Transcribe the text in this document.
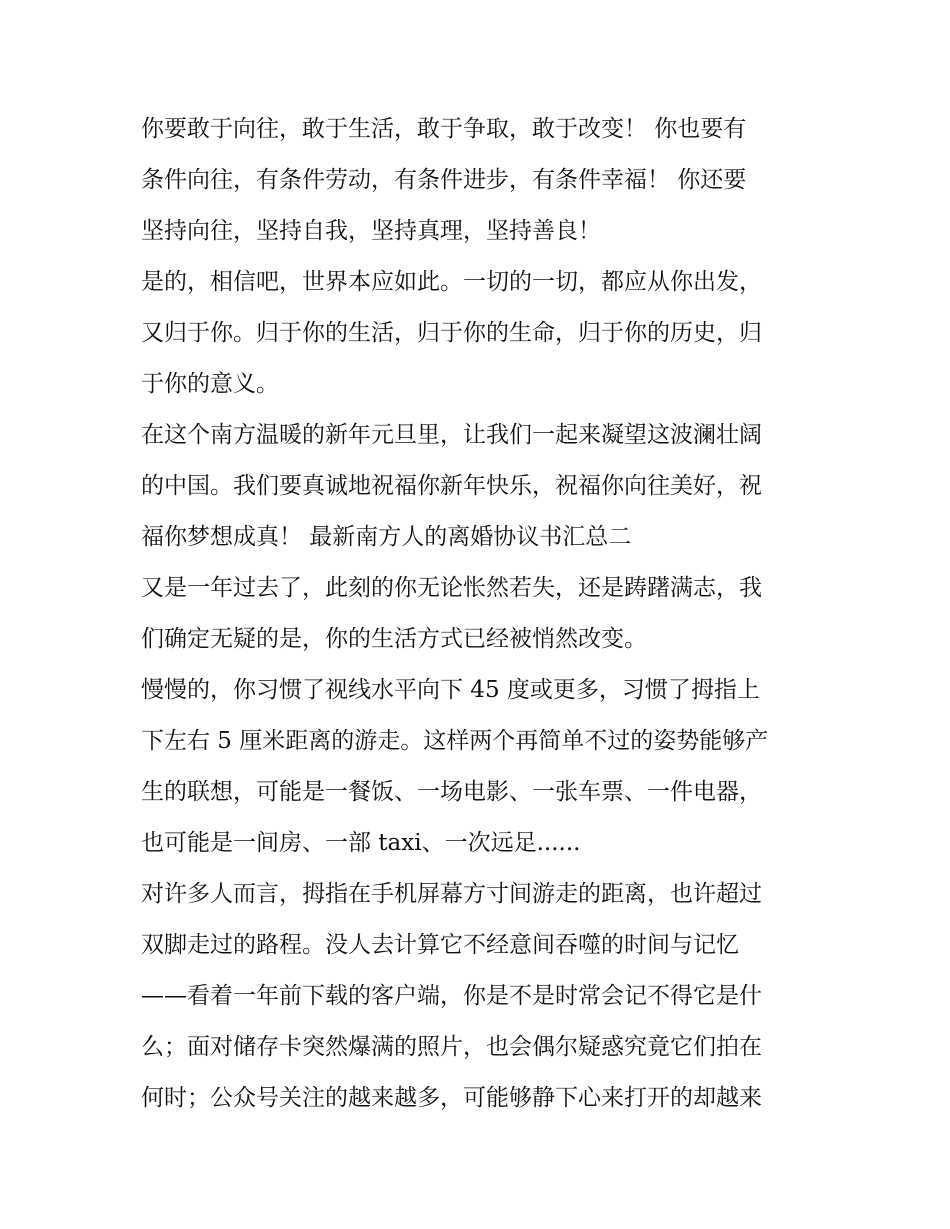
你要敢于向往，敢于生活，敢于争取，敢于改变！ 你也要有
条件向往，有条件劳动，有条件进步，有条件幸福！ 你还要
坚持向往，坚持自我，坚持真理，坚持善良！

是的，相信吧，世界本应如此。一切的一切，都应从你出发，
又归于你。归于你的生活，归于你的生命，归于你的历史，归
于你的意义。

在这个南方温暖的新年元旦里，让我们一起来凝望这波澜壮阔
的中国。我们要真诚地祝福你新年快乐，祝福你向往美好，祝
福你梦想成真！ 最新南方人的离婚协议书汇总二

又是一年过去了，此刻的你无论怅然若失，还是踌躇满志，我
们确定无疑的是，你的生活方式已经被悄然改变。

慢慢的，你习惯了视线水平向下 45 度或更多，习惯了拇指上
下左右 5 厘米距离的游走。这样两个再简单不过的姿势能够产
生的联想，可能是一餐饭、一场电影、一张车票、一件电器，
也可能是一间房、一部 taxi、一次远足......

对许多人而言，拇指在手机屏幕方寸间游走的距离，也许超过
双脚走过的路程。没人去计算它不经意间吞噬的时间与记忆
——看着一年前下载的客户端，你是不是时常会记不得它是什
么；面对储存卡突然爆满的照片，也会偶尔疑惑究竟它们拍在
何时；公众号关注的越来越多，可能够静下心来打开的却越来
